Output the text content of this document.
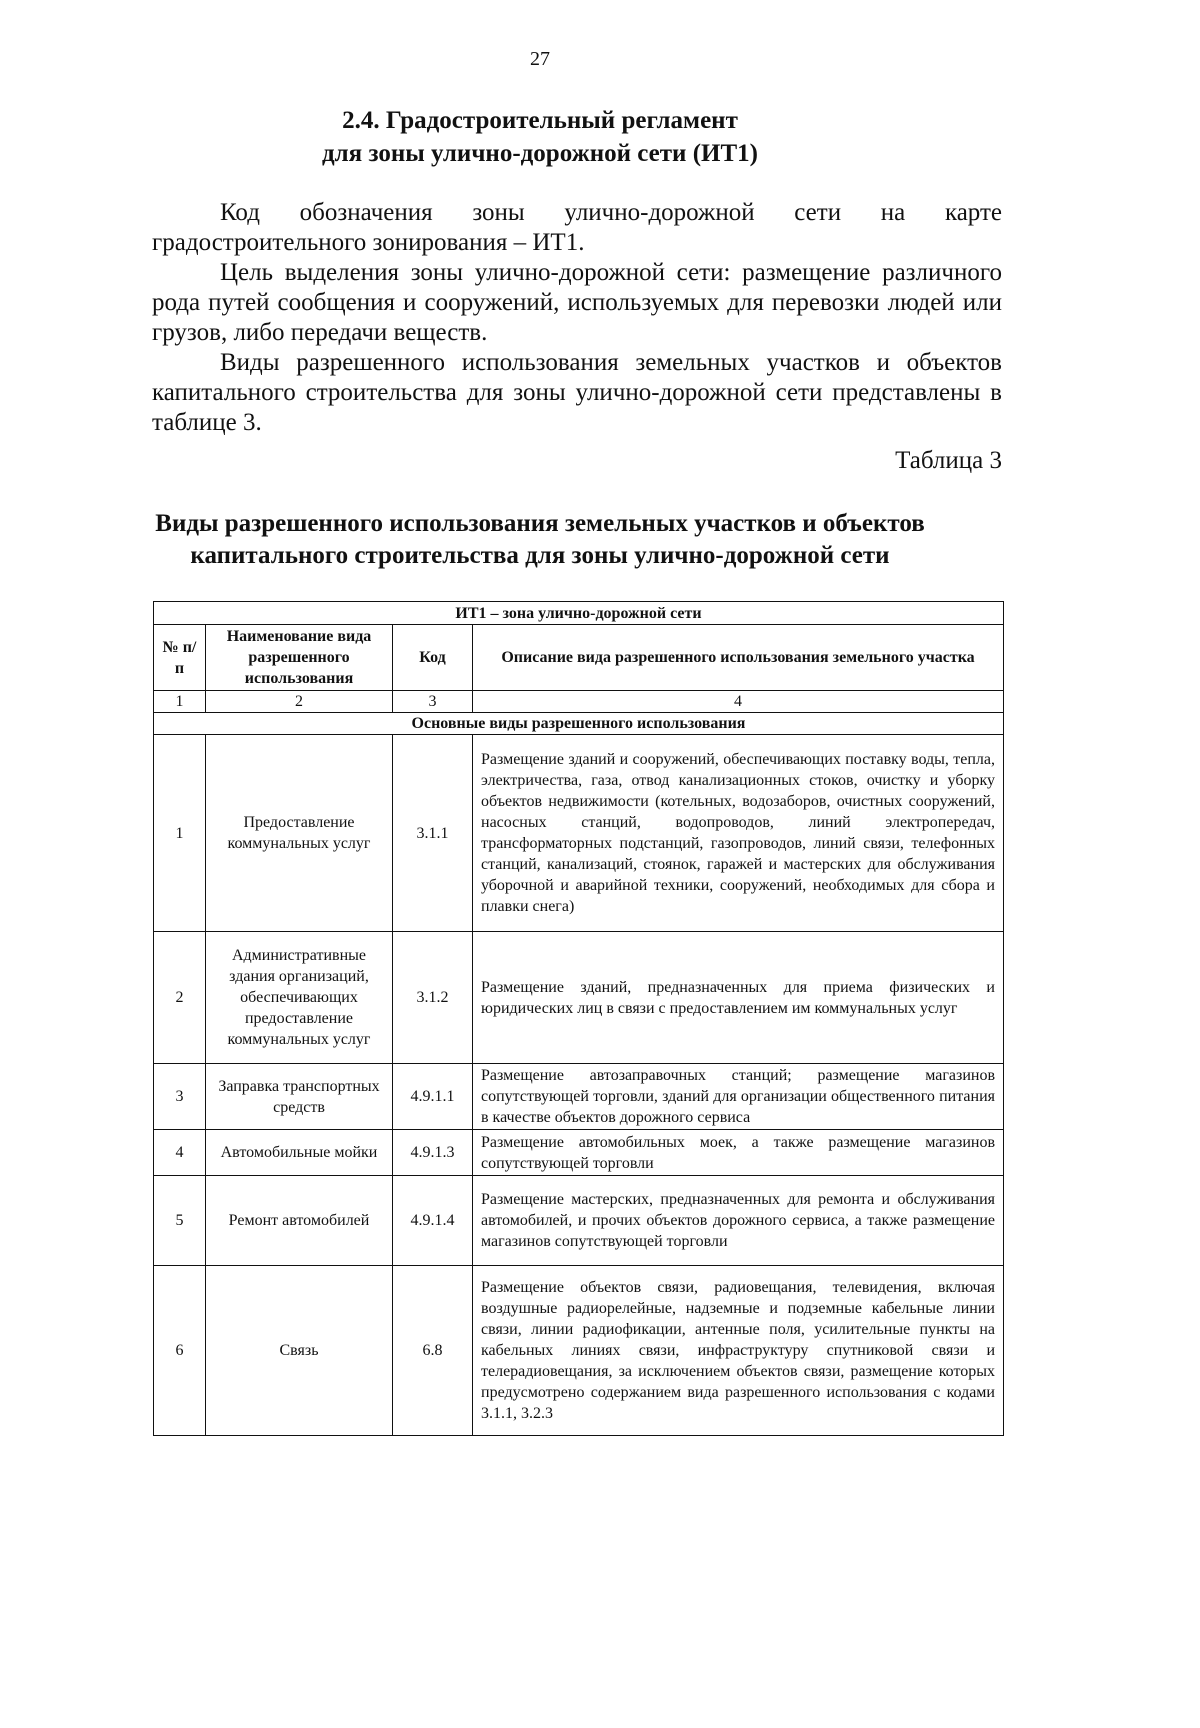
27
2.4. Градостроительный регламент
для зоны улично-дорожной сети (ИТ1)

Код обозначения зоны улично-дорожной сети на карте градостроительного зонирования – ИТ1.

Цель выделения зоны улично-дорожной сети: размещение различного рода путей сообщения и сооружений, используемых для перевозки людей или грузов, либо передачи веществ.

Виды разрешенного использования земельных участков и объектов капитального строительства для зоны улично-дорожной сети представлены в таблице 3.

Таблица 3
Виды разрешенного использования земельных участков и объектов
капитального строительства для зоны улично-дорожной сети
ИТ1 – зона улично-дорожной сети			
№ п/п	Наименование вида разрешенного использования	Код	Описание вида разрешенного использования земельного участка
1	2	3	4
Основные виды разрешенного использования			
1	Предоставление коммунальных услуг	3.1.1	Размещение зданий и сооружений, обеспечивающих поставку воды, тепла, электричества, газа, отвод канализационных стоков, очистку и уборку объектов недвижимости (котельных, водозаборов, очистных сооружений, насосных станций, водопроводов, линий электропередач, трансформаторных подстанций, газопроводов, линий связи, телефонных станций, канализаций, стоянок, гаражей и мастерских для обслуживания уборочной и аварийной техники, сооружений, необходимых для сбора и плавки снега)
2	Административные здания организаций, обеспечивающих предоставление коммунальных услуг	3.1.2	Размещение зданий, предназначенных для приема физических и юридических лиц в связи с предоставлением им коммунальных услуг
3	Заправка транспортных средств	4.9.1.1	Размещение автозаправочных станций; размещение магазинов сопутствующей торговли, зданий для организации общественного питания в качестве объектов дорожного сервиса
4	Автомобильные мойки	4.9.1.3	Размещение автомобильных моек, а также размещение магазинов сопутствующей торговли
5	Ремонт автомобилей	4.9.1.4	Размещение мастерских, предназначенных для ремонта и обслуживания автомобилей, и прочих объектов дорожного сервиса, а также размещение магазинов сопутствующей торговли
6	Связь	6.8	Размещение объектов связи, радиовещания, телевидения, включая воздушные радиорелейные, надземные и подземные кабельные линии связи, линии радиофикации, антенные поля, усилительные пункты на кабельных линиях связи, инфраструктуру спутниковой связи и телерадиовещания, за исключением объектов связи, размещение которых предусмотрено содержанием вида разрешенного использования с кодами 3.1.1, 3.2.3
